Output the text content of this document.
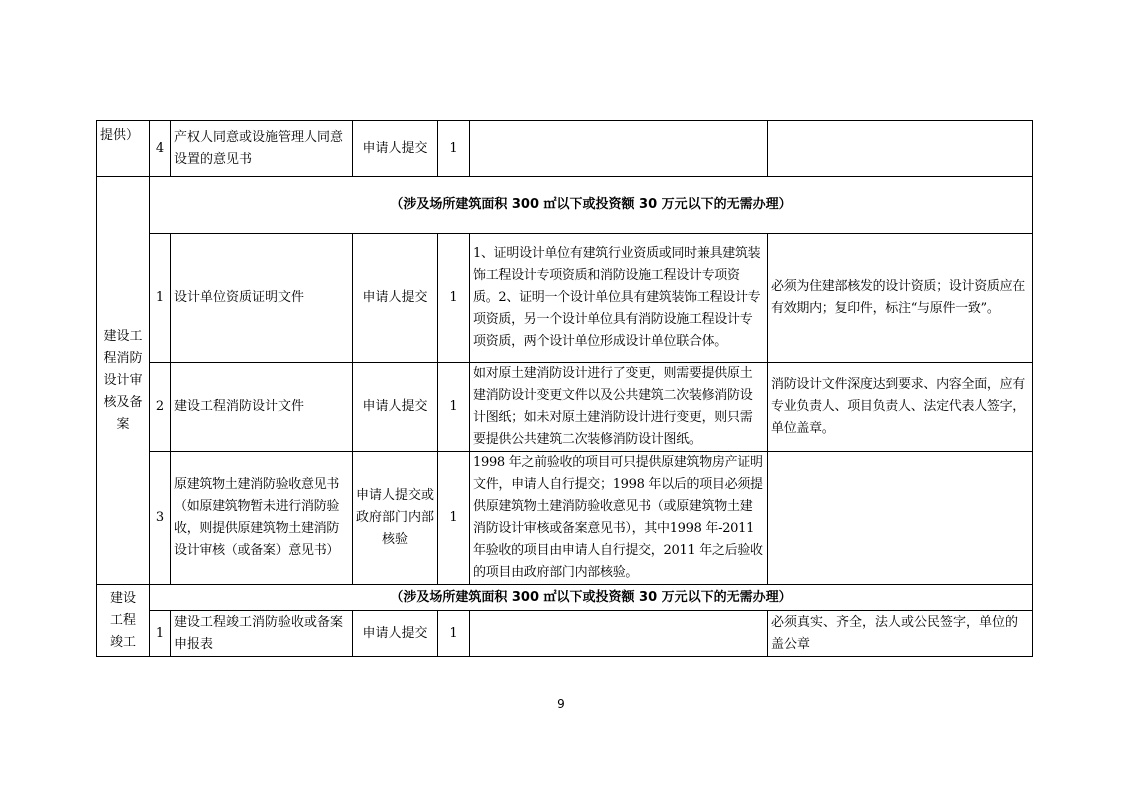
提供）	4	产权人同意或设施管理人同意设置的意见书	申请人提交	1		
建设工程消防设计审核及备案	（涉及场所建筑面积 300 ㎡以下或投资额 30 万元以下的无需办理）					
	1	设计单位资质证明文件	申请人提交	1	1、证明设计单位有建筑行业资质或同时兼具建筑装饰工程设计专项资质和消防设施工程设计专项资质。2、证明一个设计单位具有建筑装饰工程设计专项资质，另一个设计单位具有消防设施工程设计专项资质，两个设计单位形成设计单位联合体。	必须为住建部核发的设计资质；设计资质应在有效期内；复印件，标注“与原件一致”。
	2	建设工程消防设计文件	申请人提交	1	如对原土建消防设计进行了变更，则需要提供原土建消防设计变更文件以及公共建筑二次装修消防设计图纸；如未对原土建消防设计进行变更，则只需要提供公共建筑二次装修消防设计图纸。	消防设计文件深度达到要求、内容全面，应有专业负责人、项目负责人、法定代表人签字，单位盖章。
	3	原建筑物土建消防验收意见书（如原建筑物暂未进行消防验收，则提供原建筑物土建消防设计审核（或备案）意见书）	申请人提交或政府部门内部核验	1	1998 年之前验收的项目可只提供原建筑物房产证明文件，申请人自行提交；1998 年以后的项目必须提供原建筑物土建消防验收意见书（或原建筑物土建消防设计审核或备案意见书），其中1998 年-2011 年验收的项目由申请人自行提交，2011 年之后验收的项目由政府部门内部核验。	
建设工程竣工	（涉及场所建筑面积 300 ㎡以下或投资额 30 万元以下的无需办理）					
	1	建设工程竣工消防验收或备案申报表	申请人提交	1		必须真实、齐全，法人或公民签字，单位的盖公章
9
